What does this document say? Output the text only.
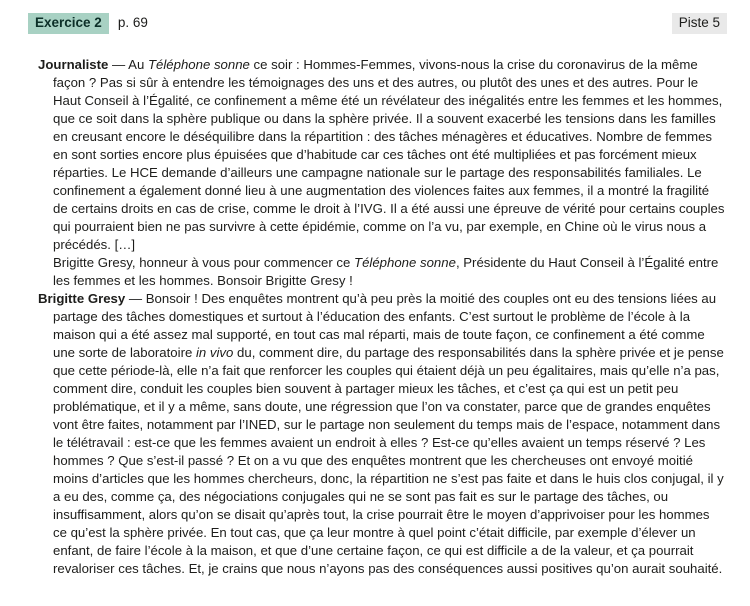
Exercice 2	p. 69	Piste 5

Journaliste — Au Téléphone sonne ce soir : Hommes-Femmes, vivons-nous la crise du coronavirus de la même façon ? Pas si sûr à entendre les témoignages des uns et des autres, ou plutôt des unes et des autres. Pour le Haut Conseil à l’Égalité, ce confinement a même été un révélateur des inégalités entre les femmes et les hommes, que ce soit dans la sphère publique ou dans la sphère privée. Il a souvent exacerbé les tensions dans les familles en creusant encore le déséquilibre dans la répartition : des tâches ménagères et éducatives. Nombre de femmes en sont sorties encore plus épuisées que d’habitude car ces tâches ont été multipliées et pas forcément mieux réparties. Le HCE demande d’ailleurs une campagne nationale sur le partage des responsabilités familiales. Le confinement a également donné lieu à une augmentation des violences faites aux femmes, il a montré la fragilité de certains droits en cas de crise, comme le droit à l’IVG. Il a été aussi une épreuve de vérité pour certains couples qui pourraient bien ne pas survivre à cette épidémie, comme on l’a vu, par exemple, en Chine où le virus nous a précédés. […]
Brigitte Gresy, honneur à vous pour commencer ce Téléphone sonne, Présidente du Haut Conseil à l’Égalité entre les femmes et les hommes. Bonsoir Brigitte Gresy !

Brigitte Gresy — Bonsoir ! Des enquêtes montrent qu’à peu près la moitié des couples ont eu des tensions liées au partage des tâches domestiques et surtout à l’éducation des enfants. C’est surtout le problème de l’école à la maison qui a été assez mal supporté, en tout cas mal réparti, mais de toute façon, ce confinement a été comme une sorte de laboratoire in vivo du, comment dire, du partage des responsabilités dans la sphère privée et je pense que cette période-là, elle n’a fait que renforcer les couples qui étaient déjà un peu égalitaires, mais qu’elle n’a pas, comment dire, conduit les couples bien souvent à partager mieux les tâches, et c’est ça qui est un petit peu problématique, et il y a même, sans doute, une régression que l’on va constater, parce que de grandes enquêtes vont être faites, notamment par l’INED, sur le partage non seulement du temps mais de l’espace, notamment dans le télétravail : est-ce que les femmes avaient un endroit à elles ? Est-ce qu’elles avaient un temps réservé ? Les hommes ? Que s’est-il passé ? Et on a vu que des enquêtes montrent que les chercheuses ont envoyé moitié moins d’articles que les hommes chercheurs, donc, la répartition ne s’est pas faite et dans le huis clos conjugal, il y a eu des, comme ça, des négociations conjugales qui ne se sont pas fait es sur le partage des tâches, ou insuffisamment, alors qu’on se disait qu’après tout, la crise pourrait être le moyen d’apprivoiser pour les hommes ce qu’est la sphère privée. En tout cas, que ça leur montre à quel point c’était difficile, par exemple d’élever un enfant, de faire l’école à la maison, et que d’une certaine façon, ce qui est difficile a de la valeur, et ça pourrait revaloriser ces tâches. Et, je crains que nous n’ayons pas des conséquences aussi positives qu’on aurait souhaité.
